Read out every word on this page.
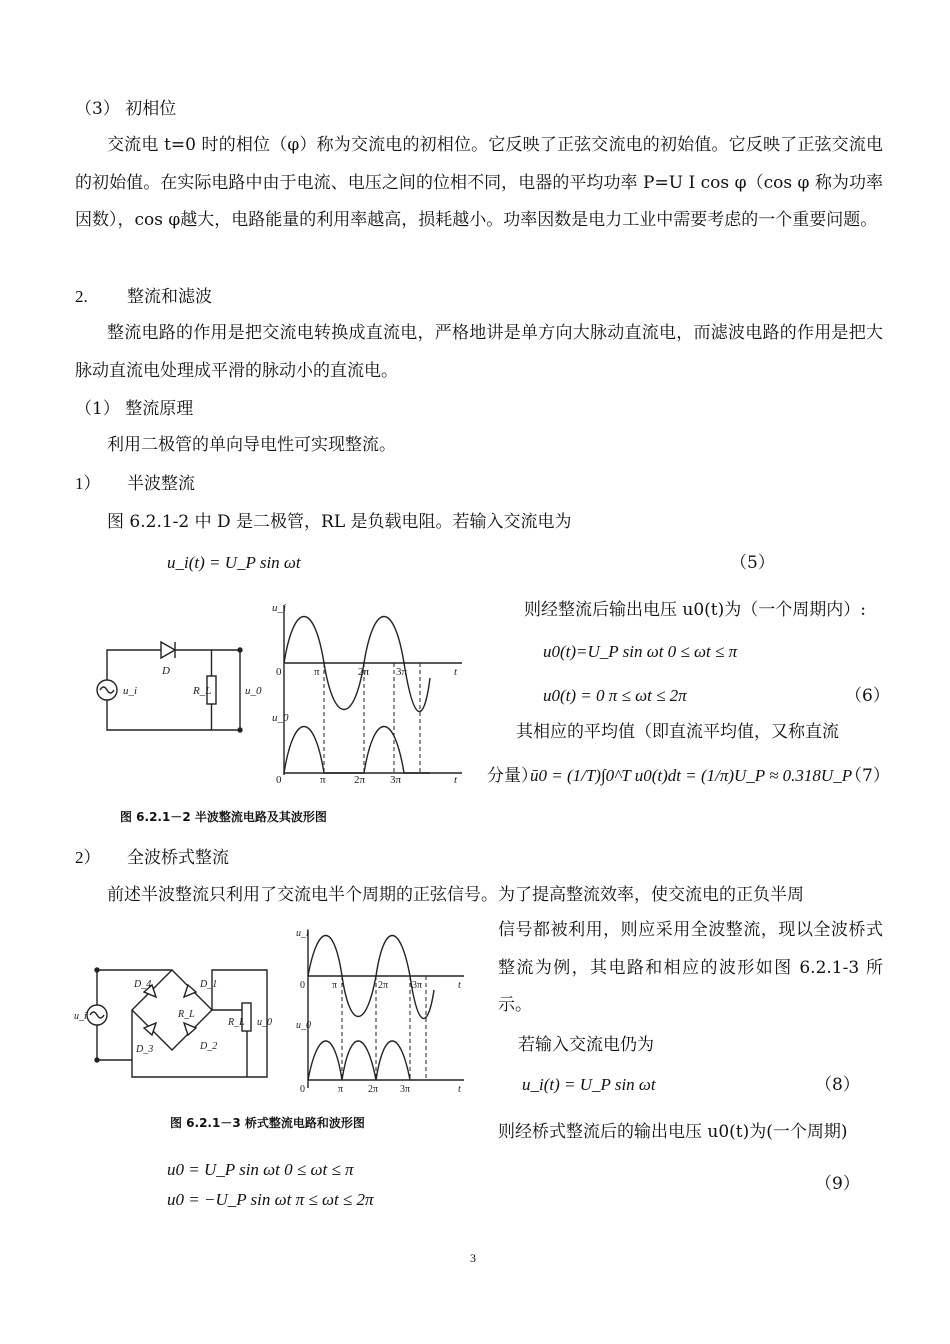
（3） 初相位
交流电 t=0 时的相位（φ）称为交流电的初相位。它反映了正弦交流电的初始值。它反映了正弦交流电的初始值。在实际电路中由于电流、电压之间的位相不同，电器的平均功率 P=U I cos φ（cos φ 称为功率因数），cos φ越大，电路能量的利用率越高，损耗越小。功率因数是电力工业中需要考虑的一个重要问题。
2. 整流和滤波
整流电路的作用是把交流电转换成直流电，严格地讲是单方向大脉动直流电，而滤波电路的作用是把大脉动直流电处理成平滑的脉动小的直流电。
（1） 整流原理
利用二极管的单向导电性可实现整流。
1） 半波整流
图 6.2.1-2 中 D 是二极管，RL 是负载电阻。若输入交流电为
u_i(t) = U_P sin ωt	（5）
则经整流后输出电压 u0(t)为（一个周期内）:
u0(t)=U_P sin ωt 0 ≤ ωt ≤ π
u0(t) = 0 π ≤ ωt ≤ 2π	（6）
其相应的平均值（即直流平均值，又称直流
分量）
ū0 = (1/T)∫0^T u0(t)dt = (1/π)U_P ≈ 0.318U_P
（7）
D
R_L
u_i	u_0
u_i
u_0
0	π	2π 3π	t
0	π	2π 3π	t
图 6.2.1－2 半波整流电路及其波形图
2） 全波桥式整流
前述半波整流只利用了交流电半个周期的正弦信号。为了提高整流效率，使交流电的正负半周
信号都被利用，则应采用全波整流，现以全波桥式整流为例，其电路和相应的波形如图 6.2.1-3 所示。
若输入交流电仍为
u_i(t) = U_P sin ωt	（8）
则经桥式整流后的输出电压 u0(t)为(一个周期)
u0 = U_P sin ωt 0 ≤ ωt ≤ π
u0 = −U_P sin ωt π ≤ ωt ≤ 2π
（9）
D_1
D_2
D_3
D_4
R_L
R_L
u_i
u_0
u_i
u_0
0	π	2π 3π	t
0	π 2π 3π	t
图 6.2.1－3 桥式整流电路和波形图
3
